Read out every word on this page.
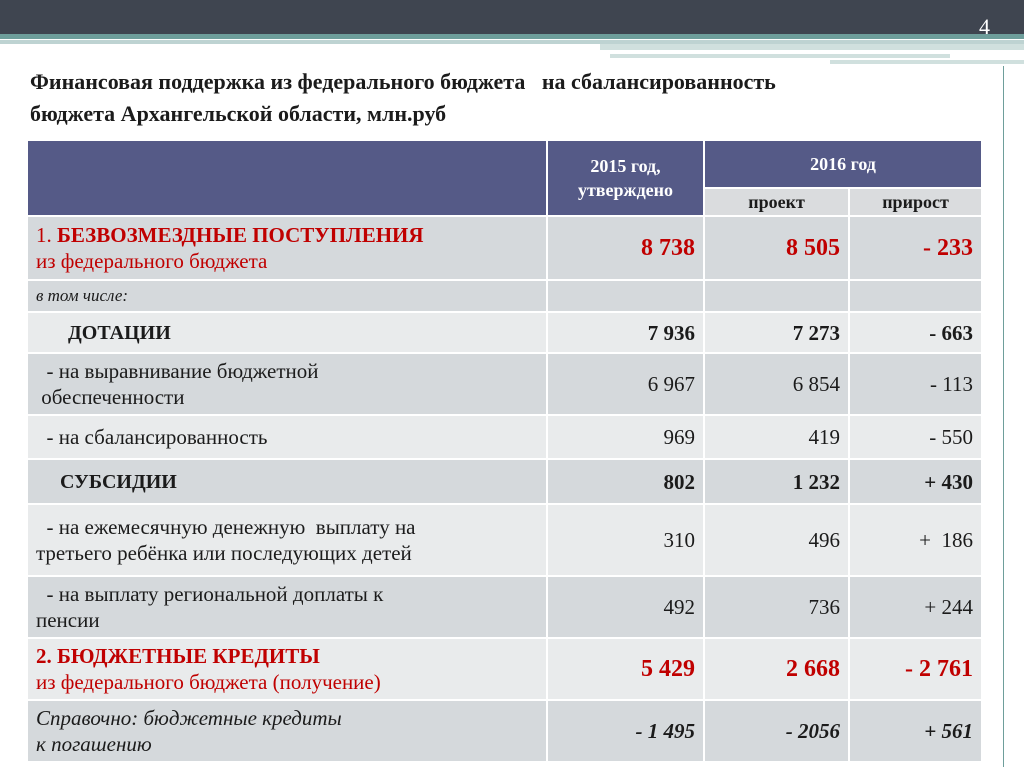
4
Финансовая поддержка из федерального бюджета   на сбалансированность
бюджета Архангельской области, млн.руб
	2015 год,
утверждено	2016 год	
		проект	прирост

1. БЕЗВОЗМЕЗДНЫЕ ПОСТУПЛЕНИЯ
из федерального бюджета	8 738	8 505	- 233
в том числе:			
ДОТАЦИИ	7 936	7 273	- 663

- на выравнивание бюджетной
обеспеченности	6 967	6 854	- 113
- на сбалансированность	969	419	- 550
СУБСИДИИ	802	1 232	+ 430

- на ежемесячную денежную  выплату на
третьего ребёнка или последующих детей	310	496	+  186

- на выплату региональной доплаты к
пенсии	492	736	+ 244

2. БЮДЖЕТНЫЕ КРЕДИТЫ
из федерального бюджета (получение)	5 429	2 668	- 2 761

Справочно: бюджетные кредиты
к погашению	- 1 495	- 2056	+ 561
